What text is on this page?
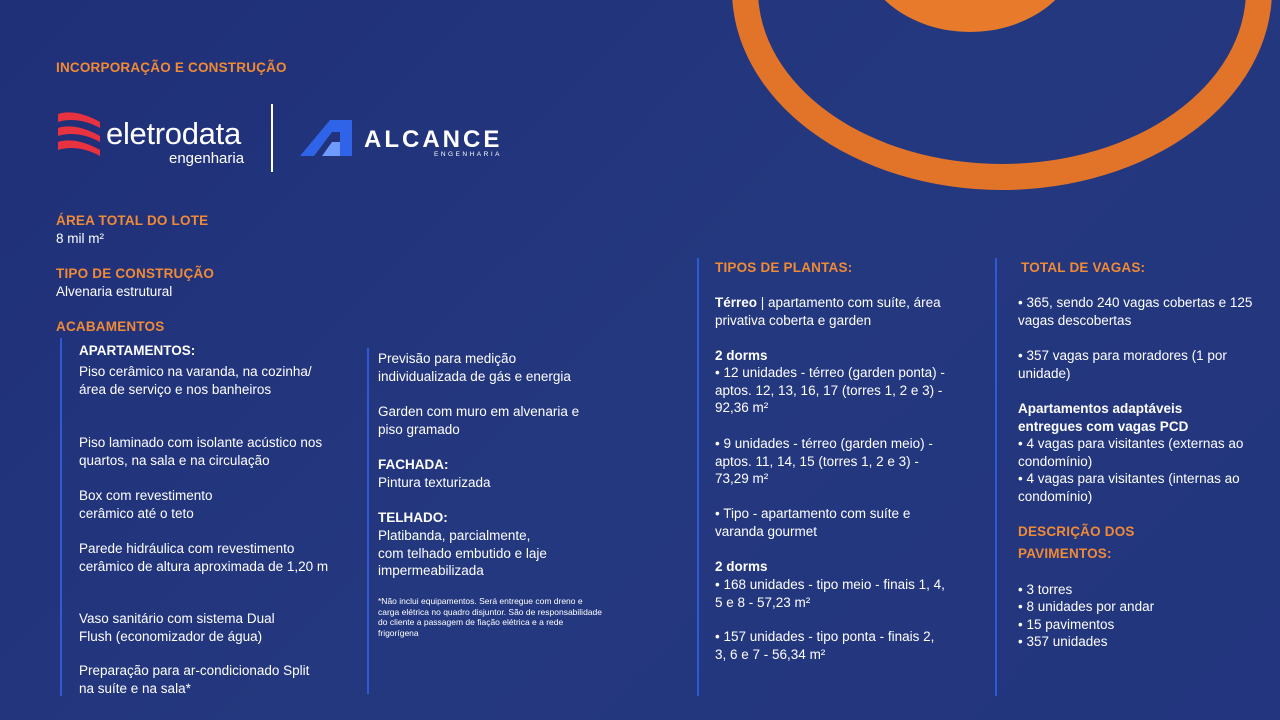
INCORPORAÇÃO E CONSTRUÇÃO
eletrodata
engenharia
ALCANCE
ENGENHARIA
ÁREA TOTAL DO LOTE
8 mil m²
TIPO DE CONSTRUÇÃO
Alvenaria estrutural
ACABAMENTOS
APARTAMENTOS:
Piso cerâmico na varanda, na cozinha/área de serviço e nos banheiros
Piso laminado com isolante acústico nos quartos, na sala e na circulação
Box com revestimento cerâmico até o teto
Parede hidráulica com revestimento cerâmico de altura aproximada de 1,20 m
Vaso sanitário com sistema Dual Flush (economizador de água)
Preparação para ar-condicionado Split na suíte e na sala*
Previsão para medição individualizada de gás e energia
Garden com muro em alvenaria e piso gramado
FACHADA:
Pintura texturizada
TELHADO:
Platibanda, parcialmente, com telhado embutido e laje impermeabilizada
*Não inclui equipamentos. Será entregue com dreno e carga elétrica no quadro disjuntor. São de responsabilidade do cliente a passagem de fiação elétrica e a rede frigorígena
TIPOS DE PLANTAS:
Térreo | apartamento com suíte, área privativa coberta e garden
2 dorms
• 12 unidades - térreo (garden ponta) - aptos. 12, 13, 16, 17 (torres 1, 2 e 3) - 92,36 m²
• 9 unidades - térreo (garden meio) - aptos. 11, 14, 15 (torres 1, 2 e 3) - 73,29 m²
• Tipo - apartamento com suíte e varanda gourmet
2 dorms
• 168 unidades - tipo meio - finais 1, 4, 5 e 8 - 57,23 m²
• 157 unidades - tipo ponta - finais 2, 3, 6 e 7 - 56,34 m²
TOTAL DE VAGAS:
• 365, sendo 240 vagas cobertas e 125 vagas descobertas
• 357 vagas para moradores (1 por unidade)
Apartamentos adaptáveis entregues com vagas PCD
• 4 vagas para visitantes (externas ao condomínio)
• 4 vagas para visitantes (internas ao condomínio)
DESCRIÇÃO DOS
PAVIMENTOS:
• 3 torres
• 8 unidades por andar
• 15 pavimentos
• 357 unidades
